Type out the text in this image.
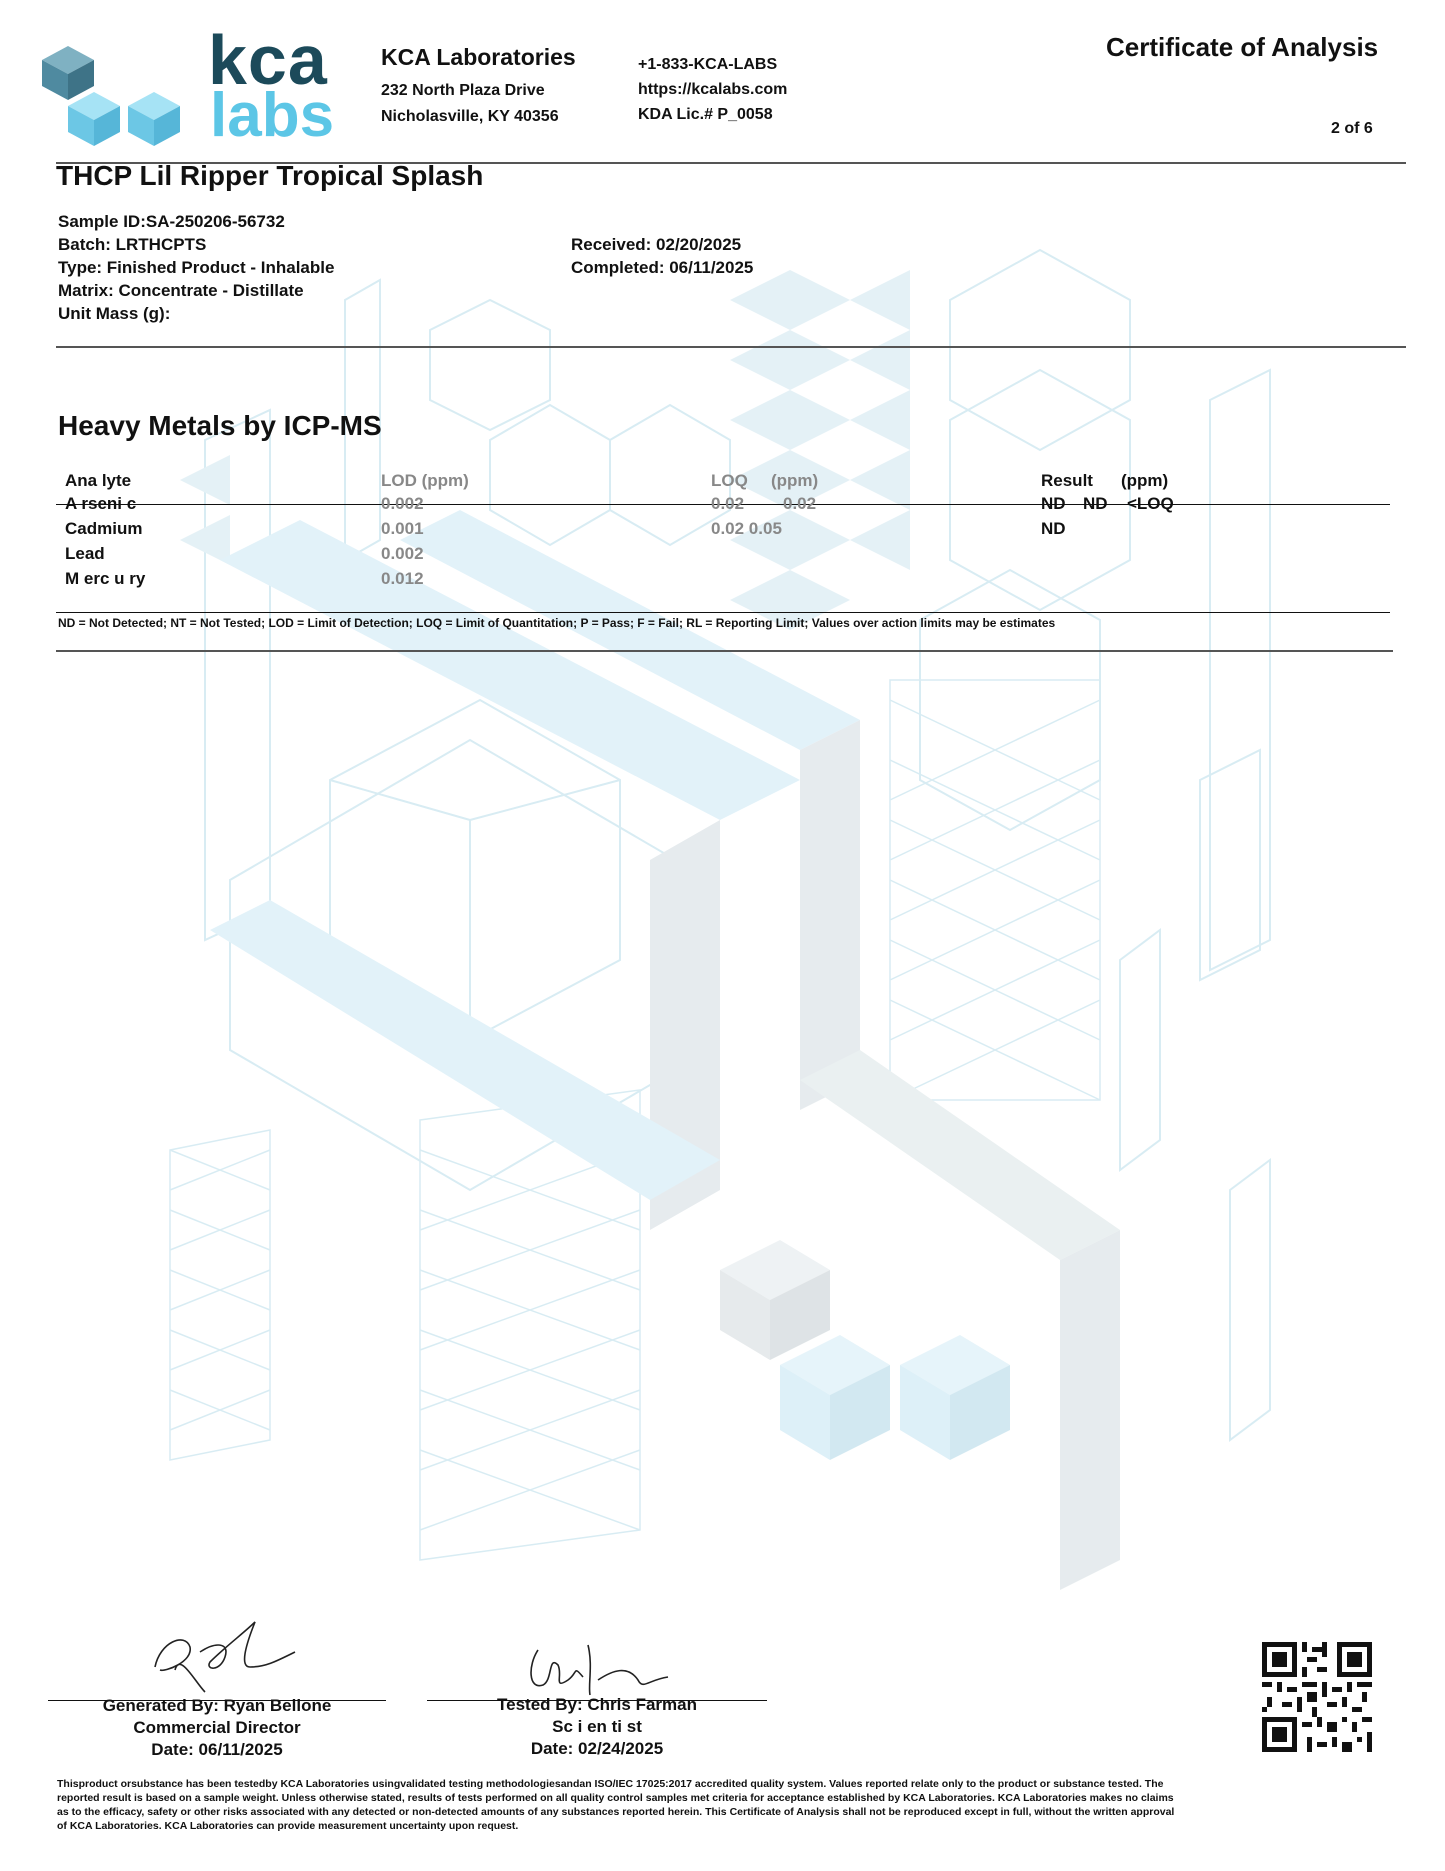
kca
labs
KCA Laboratories
232 North Plaza Drive
Nicholasville, KY 40356
+1-833-KCA-LABS
https://kcalabs.com
KDA Lic.# P_0058
Certificate of Analysis
2 of 6
THCP Lil Ripper Tropical Splash
Sample ID:SA-250206-56732
Batch: LRTHCPTS
Type: Finished Product - Inhalable
Matrix: Concentrate - Distillate
Unit Mass (g):
Received: 02/20/2025
Completed: 06/11/2025
Heavy Metals by ICP-MS
Ana lyte	LOD (ppm)	LOQ (ppm)	Result (ppm)
A rseni c	0.002	0.02 0.02	ND ND <LOQ
Cadmium	0.001	0.02 0.05	ND
Lead	0.002
M erc u ry	0.012
ND = Not Detected; NT = Not Tested; LOD = Limit of Detection; LOQ = Limit of Quantitation; P = Pass; F = Fail; RL = Reporting Limit; Values over action limits may be estimates
Generated By: Ryan Bellone
Commercial Director
Date: 06/11/2025
Tested By: Chris Farman
Sc i en ti st
Date: 02/24/2025
Thisproduct orsubstance has been testedby KCA Laboratories usingvalidated testing methodologiesandan ISO/IEC 17025:2017 accredited quality system. Values reported relate only to the product or substance tested. The reported result is based on a sample weight. Unless otherwise stated, results of tests performed on all quality control samples met criteria for acceptance established by KCA Laboratories. KCA Laboratories makes no claims as to the efficacy, safety or other risks associated with any detected or non-detected amounts of any substances reported herein. This Certificate of Analysis shall not be reproduced except in full, without the written approval of KCA Laboratories. KCA Laboratories can provide measurement uncertainty upon request.
